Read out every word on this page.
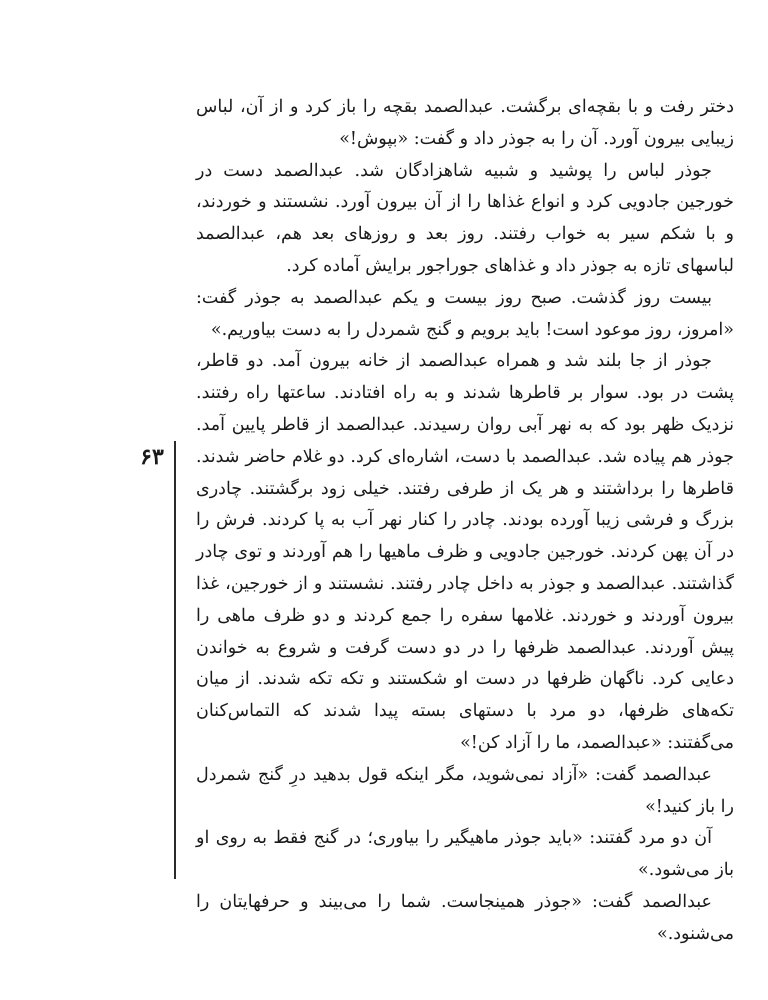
دختر رفت و با بقچه‌ای برگشت. عبدالصمد بقچه را باز کرد و از آن، لباس زیبایی بیرون آورد. آن را به جوذر داد و گفت: «بپوش!»

جوذر لباس را پوشید و شبیه شاهزادگان شد. عبدالصمد دست در خورجین جادویی کرد و انواع غذاها را از آن بیرون آورد. نشستند و خوردند، و با شکم سیر به خواب رفتند. روز بعد و روزهای بعد هم، عبدالصمد لباسهای تازه به جوذر داد و غذاهای جوراجور برایش آماده کرد.

بیست روز گذشت. صبح روز بیست و یکم عبدالصمد به جوذر گفت: «امروز، روز موعود است! باید برویم و گنج شمردل را به دست بیاوریم.»

جوذر از جا بلند شد و همراه عبدالصمد از خانه بیرون آمد. دو قاطر، پشت در بود. سوار بر قاطرها شدند و به راه افتادند. ساعتها راه رفتند. نزدیک ظهر بود که به نهر آبی روان رسیدند. عبدالصمد از قاطر پایین آمد. جوذر هم پیاده شد. عبدالصمد با دست، اشاره‌ای کرد. دو غلام حاضر شدند. قاطرها را برداشتند و هر یک از طرفی رفتند. خیلی زود برگشتند. چادری بزرگ و فرشی زیبا آورده بودند. چادر را کنار نهر آب به پا کردند. فرش را در آن پهن کردند. خورجین جادویی و ظرف ماهیها را هم آوردند و توی چادر گذاشتند. عبدالصمد و جوذر به داخل چادر رفتند. نشستند و از خورجین، غذا بیرون آوردند و خوردند. غلامها سفره را جمع کردند و دو ظرف ماهی را پیش آوردند. عبدالصمد ظرفها را در دو دست گرفت و شروع به خواندن دعایی کرد. ناگهان ظرفها در دست او شکستند و تکه تکه شدند. از میان تکه‌های ظرفها، دو مرد با دستهای بسته پیدا شدند که التماس‌کنان می‌گفتند: «عبدالصمد، ما را آزاد کن!»

عبدالصمد گفت: «آزاد نمی‌شوید، مگر اینکه قول بدهید درِ گنج شمردل را باز کنید!»

آن دو مرد گفتند: «باید جوذر ماهیگیر را بیاوری؛ در گنج فقط به روی او باز می‌شود.»

عبدالصمد گفت: «جوذر همینجاست. شما را می‌بیند و حرفهایتان را می‌شنود.»

۶۳
